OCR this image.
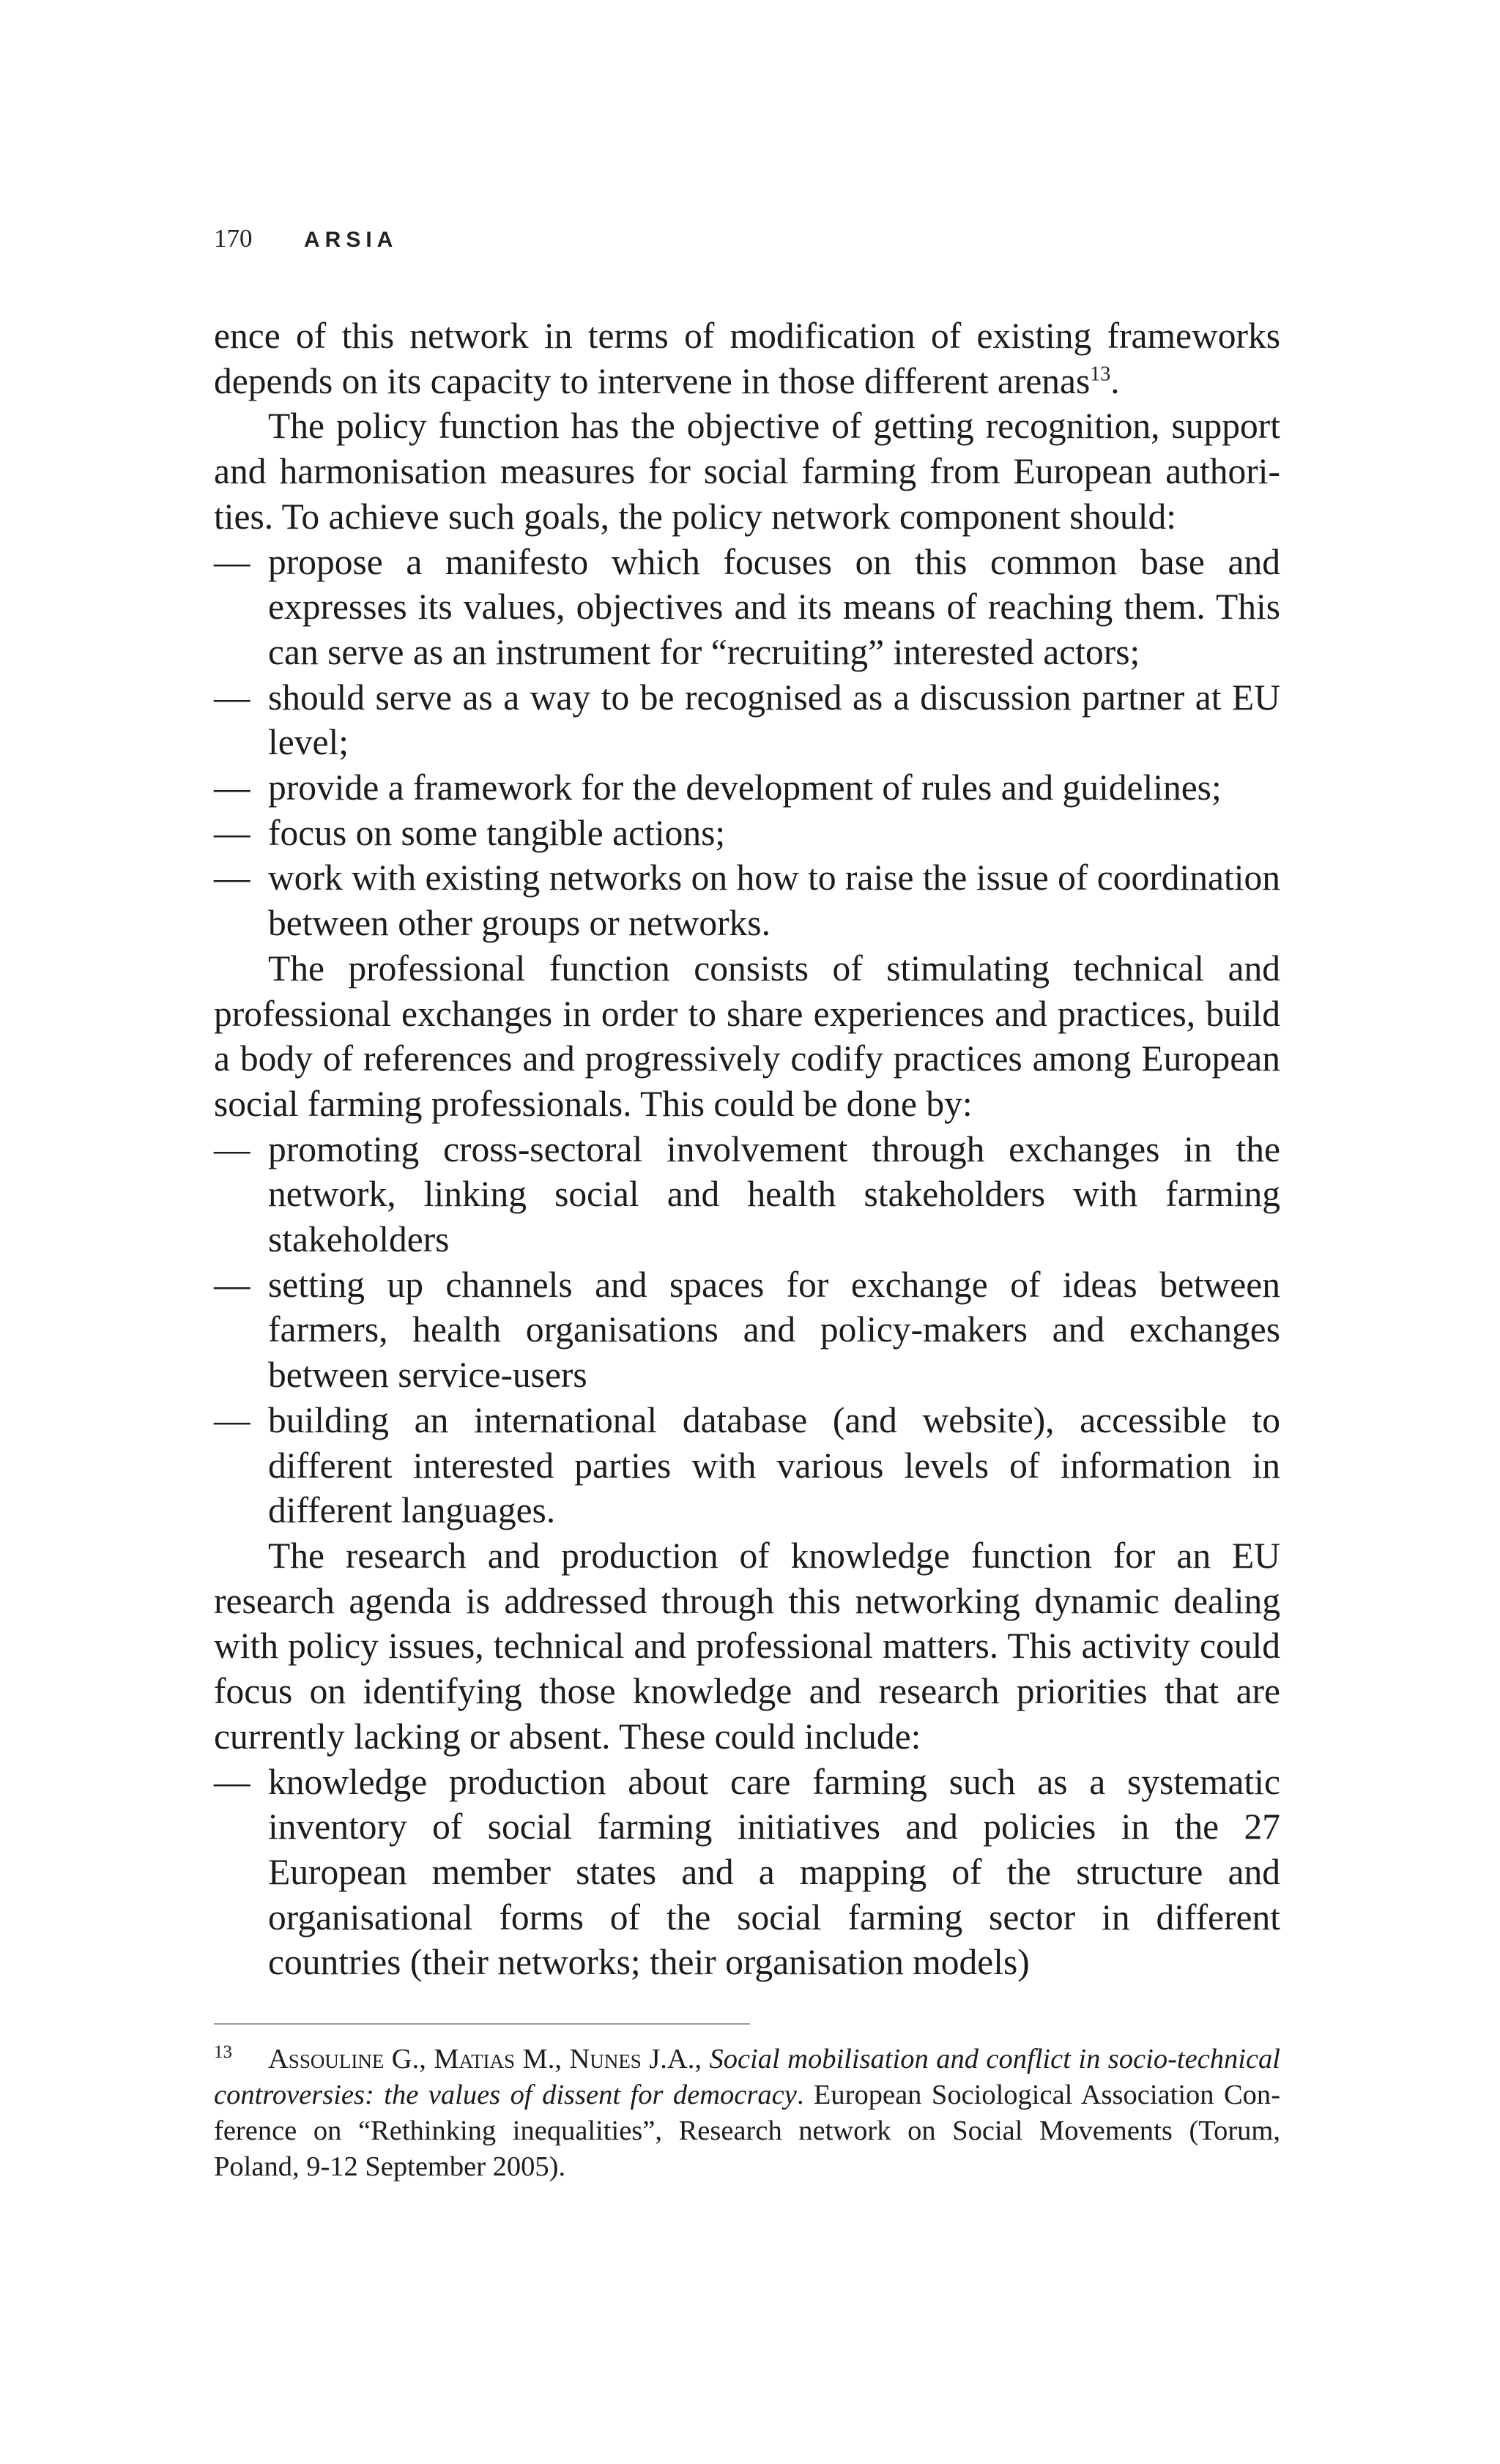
170 ARSIA

ence of this network in terms of modification of existing frameworks depends on its capacity to intervene in those different arenas$^{13}$.

The policy function has the objective of getting recognition, support and harmonisation measures for social farming from European authorities. To achieve such goals, the policy network component should:

— propose a manifesto which focuses on this common base and expresses its values, objectives and its means of reaching them. This can serve as an instrument for “recruiting” interested actors;
— should serve as a way to be recognised as a discussion partner at EU level;
— provide a framework for the development of rules and guidelines;
— focus on some tangible actions;
— work with existing networks on how to raise the issue of coordination between other groups or networks.

The professional function consists of stimulating technical and professional exchanges in order to share experiences and practices, build a body of references and progressively codify practices among European social farming professionals. This could be done by:

— promoting cross-sectoral involvement through exchanges in the network, linking social and health stakeholders with farming stakeholders
— setting up channels and spaces for exchange of ideas between farmers, health organisations and policy-makers and exchanges between service-users
— building an international database (and website), accessible to different interested parties with various levels of information in different languages.

The research and production of knowledge function for an EU research agenda is addressed through this networking dynamic dealing with policy issues, technical and professional matters. This activity could focus on identifying those knowledge and research priorities that are currently lacking or absent. These could include:

— knowledge production about care farming such as a systematic inventory of social farming initiatives and policies in the 27 European member states and a mapping of the structure and organisational forms of the social farming sector in different countries (their networks; their organisation models)
13 Assouline G., Matias M., Nunes J.A., Social mobilisation and conflict in socio-technical controversies: the values of dissent for democracy. European Sociological Association Conference on “Rethinking inequalities”, Research network on Social Movements (Torum, Poland, 9-12 September 2005).
